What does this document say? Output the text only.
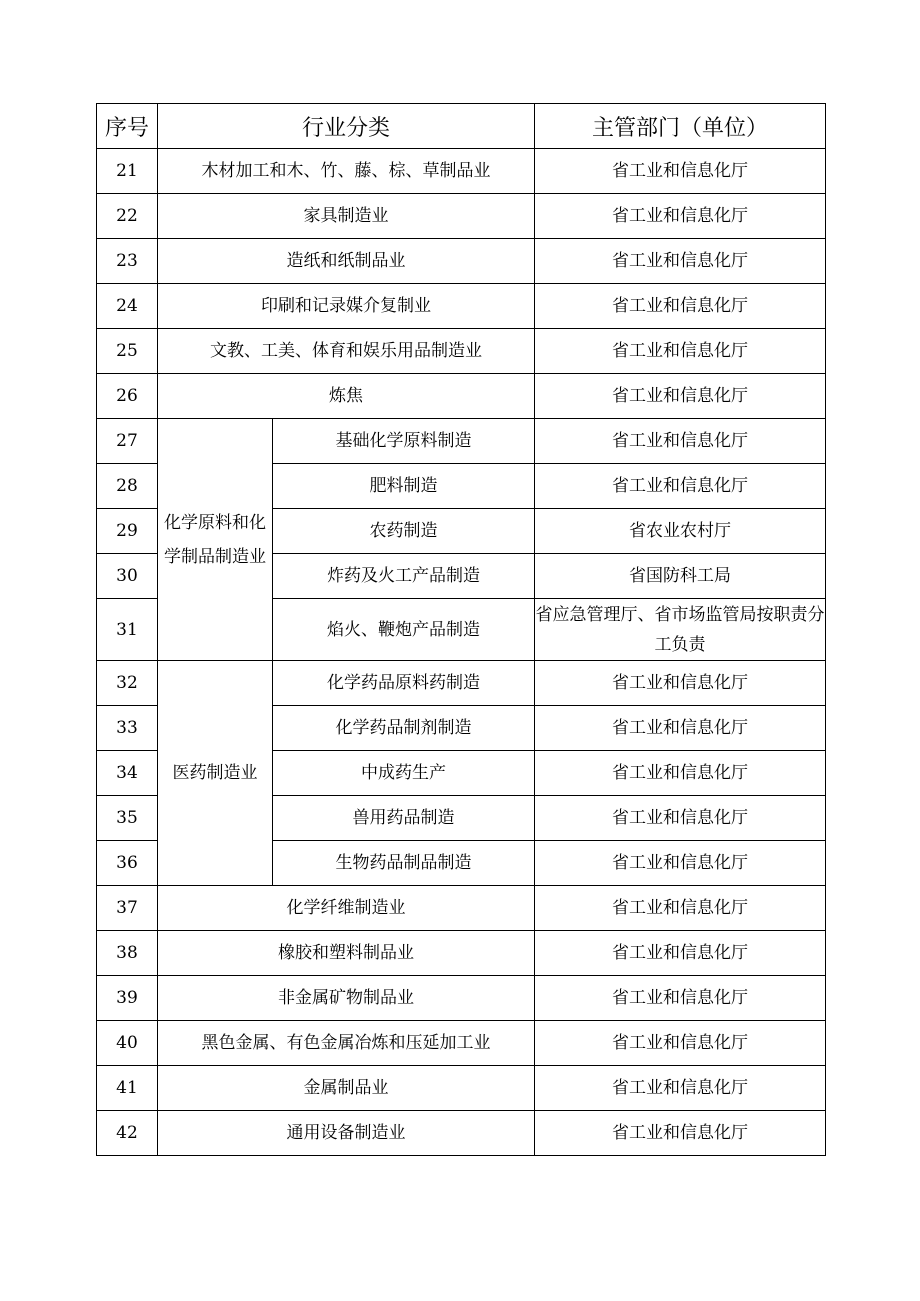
序号	行业分类		主管部门（单位）
21	木材加工和木、竹、藤、棕、草制品业		省工业和信息化厅
22	家具制造业		省工业和信息化厅
23	造纸和纸制品业		省工业和信息化厅
24	印刷和记录媒介复制业		省工业和信息化厅
25	文教、工美、体育和娱乐用品制造业		省工业和信息化厅
26	炼焦		省工业和信息化厅
27	化学原料和化学制品制造业	基础化学原料制造	省工业和信息化厅
28		肥料制造	省工业和信息化厅
29		农药制造	省农业农村厅
30		炸药及火工产品制造	省国防科工局
31		焰火、鞭炮产品制造	省应急管理厅、省市场监管局按职责分工负责
32	医药制造业	化学药品原料药制造	省工业和信息化厅
33		化学药品制剂制造	省工业和信息化厅
34		中成药生产	省工业和信息化厅
35		兽用药品制造	省工业和信息化厅
36		生物药品制品制造	省工业和信息化厅
37	化学纤维制造业		省工业和信息化厅
38	橡胶和塑料制品业		省工业和信息化厅
39	非金属矿物制品业		省工业和信息化厅
40	黑色金属、有色金属冶炼和压延加工业		省工业和信息化厅
41	金属制品业		省工业和信息化厅
42	通用设备制造业		省工业和信息化厅
